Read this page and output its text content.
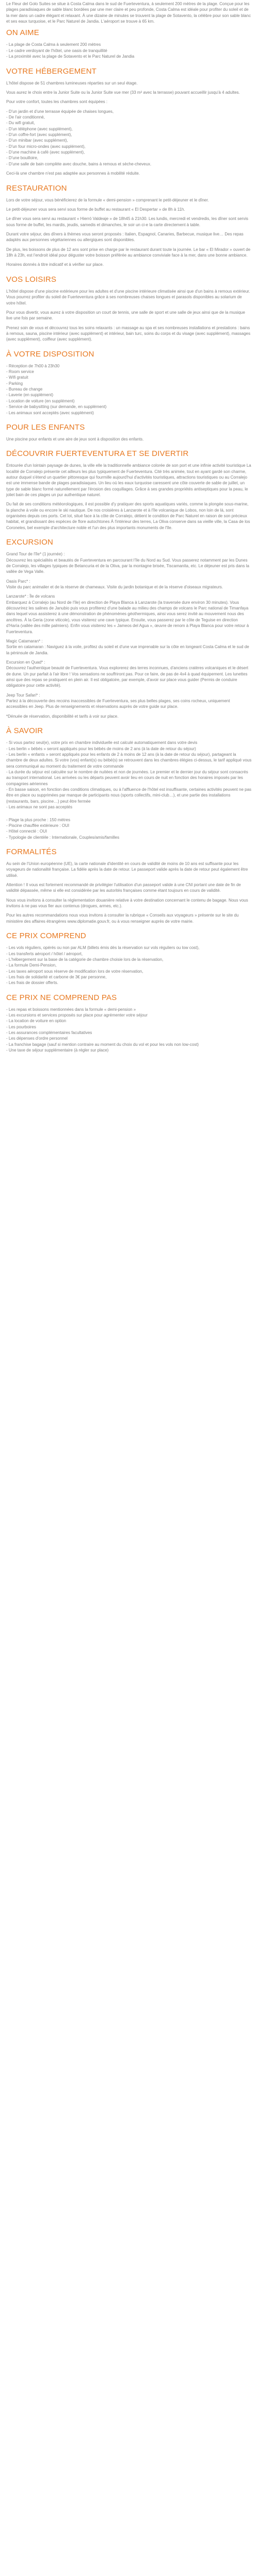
Le Fleur del Golo Suites se situe à Costa Calma dans le sud de Fuerteventura, à seulement 200 mètres de la plage. Conçue pour les plages paradisiaques de sable blanc bordées par une mer claire et peu profonde, Costa Calma est idéale pour profiter du soleil et de la mer dans un cadre élégant et relaxant. À une dizaine de minutes se trouvent la plage de Sotavento, la célèbre pour son sable blanc et ses eaux turquoise, et le Parc Naturel de Jandia. L'aéroport se trouve à 65 km.

ON AIME
- La plage de Costa Calma à seulement 200 mètres
- Le cadre verdoyant de l'hôtel, une oasis de tranquillité
- La proximité avec la plage de Sotavento et le Parc Naturel de Jandia
VOTRE HÉBERGEMENT

L'hôtel dispose de 51 chambres lumineuses réparties sur un seul étage.

Vous aurez le choix entre la Junior Suite ou la Junior Suite vue mer (33 m² avec la terrasse) pouvant accueillir jusqu'à 4 adultes.

Pour votre confort, toutes les chambres sont équipées :

- D'un jardin et d'une terrasse équipée de chaises longues,
- De l'air conditionné,
- Du wifi gratuit,
- D'un téléphone (avec supplément),
- D'un coffre-fort (avec supplément),
- D'un minibar (avec supplément),
- D'un four micro-ondes (avec supplément),
- D'une machine à café (avec supplément),
- D'une bouilloire,
- D'une salle de bain complète avec douche, bains à remous et sèche-cheveux.

Ceci-là une chambre n'est pas adaptée aux personnes à mobilité réduite.

RESTAURATION

Lors de votre séjour, vous bénéficierez de la formule « demi-pension » comprenant le petit-déjeuner et le dîner.

Le petit-déjeuner vous sera servi sous forme de buffet au restaurant « El Despertar » de 8h à 11h.

Le dîner vous sera servi au restaurant « Hierró Valdeaje » de 18h45 à 21h30. Les lundis, mercredi et vendredis, les dîner sont servis sous forme de buffet, les mardis, jeudis, samedis et dimanches, le soir un ci-e la carte directement à table.

Durant votre séjour, des dîners à thèmes vous seront proposés : Italien, Espagnol, Canaries, Barbecue, musique live… Des repas adaptés aux personnes végétariennes ou allergiques sont disponibles.

De plus, les boissons de plus de 12 ans sont prise en charge par le restaurant durant toute la journée. Le bar « El Mirador » ouvert de 18h à 23h, est l'endroit idéal pour déguster votre boisson préférée au ambiance conviviale face à la mer, dans une bonne ambiance.

Horaires donnés à titre indicatif et à vérifier sur place.

VOS LOISIRS

L'hôtel dispose d'une piscine extérieure pour les adultes et d'une piscine intérieure climatisée ainsi que d'un bains à remous extérieur. Vous pourrez profiter du soleil de Fuerteventura grâce à ses nombreuses chaises longues et parasols disponibles au solarium de votre hôtel.

Pour vous divertir, vous aurez à votre disposition un court de tennis, une salle de sport et une salle de jeux ainsi que de la musique live une fois par semaine.

Prenez soin de vous et découvrez tous les soins relaxants : un massage au spa et ses nombreuses installations et prestations : bains à remous, sauna, piscine intérieur (avec supplément) et intérieur, bain turc, soins du corps et du visage (avec supplément), massages (avec supplément), coiffeur (avec supplément).

À VOTRE DISPOSITION
- Réception de 7h00 à 23h30
- Room service
- Wifi gratuit
- Parking
- Bureau de change
- Laverie (en supplément)
- Location de voiture (en supplément)
- Service de babysitting (sur demande, en supplément)
- Les animaux sont acceptés (avec supplément)
POUR LES ENFANTS

Une piscine pour enfants et une aire de jeux sont à disposition des enfants.

DÉCOUVRIR FUERTEVENTURA ET SE DIVERTIR

Entourée d'un lointain paysage de dunes, la ville elle la traditionnelle ambiance colorée de son port et une infinie activité touristique La localité de Corralejo présente cet ailleurs les plus typiquement de Fuerteventura. Cité très animée, tout en ayant gardé son charme, autour duquel s'étend un quartier pittoresque qui fourmille aujourd'hui d'activités touristiques, attractions touristiques ou au Corralejo est une immense bande de plages paradisiaques. Un lieu où les eaux turquoise caressent une côte couverte de sable de juillet, un type de sable blanc formé naturellement par l'érosion des coquillages. Grâce à ses grandes propriétés antiseptiques pour la peau, le joliet bain de ces plages un pur authentique naturel.

Du fait de ses conditions météorologiques, il est possible d'y pratiquer des sports aquatiques variés, comme la plongée sous-marine, la planche à voile ou encore le ski nautique. De nos croisières à Lanzarote et à l'île volcanique de Lobos, non loin de là, sont organisées depuis ces ports. Cet lot, situé face à la côte de Corralejo, détient le condition de Parc Naturel en raison de son précieux habitat, et grandissant des espèces de flore autochtones À l'intérieur des terres, La Oliva conserve dans sa vieille ville, la Casa de los Coroneles, bel exemple d'architecture noble et l'un des plus importants monuments de l'île.

EXCURSION

Grand Tour de l'île* (1 journée) :
Découvrez les spécialités et beautés de Fuerteventura en parcourant l'île du Nord au Sud. Vous passerez notamment par les Dunes de Corralejo, les villages typiques de Betancuria et de la Oliva, par la montagne brisée, Tiscamanita, etc. Le déjeuner est pris dans la vallée de Vega Valle.

Oasis Parc* :
Visite du parc animalier et de la réserve de chameaux. Visite du jardin botanique et de la réserve d'oiseaux migrateurs.

Lanzarote* : Île de volcans
Embarquez à Corralejo (au Nord de l'île) en direction de Playa Blanca à Lanzarote (la traversée dure environ 30 minutes). Vous découvrirez les salines de Janubio puis vous profiterez d'une balade au milieu des champs de volcans le Parc national de Timanfaya dans lequel vous assisterez à une démonstration de phénomènes géothermiques, ainsi vous serez invité au mouvement nous des ancêtres. À la Geria (zone viticole), vous visiterez une cave typique. Ensuite, vous passerez par le côte de Teguise en direction d'Haría (vallée des mille palmiers). Enfin vous visiterez les « Jameos del Agua », œuvre de renom à Playa Blanca pour votre retour à Fuerteventura.

Magic Catamaran* :
Sortie en catamaran : Naviguez à la voile, profitez du soleil et d'une vue imprenable sur la côte en longeant Costa Calma et le sud de la péninsule de Jandia.

Excursion en Quad* :
Découvrez l'authentique beauté de Fuerteventura. Vous explorerez des terres inconnues, d'anciens cratères volcaniques et le désert de dune. Un pur parfait à l'air libre ! Vos sensations ne souffriront pas. Pour ce faire, de pas de 4x4 à quad équipement. Les lunettes ainsi que des repas se pratiquent en plein air. Il est obligatoire, par exemple, d'avoir sur place vous guider (Permis de conduire obligatoire pour cette activité).

Jeep Tour Safari* :
Partez à la découverte des recoins inaccessibles de Fuerteventura, ses plus belles plages, ses coins rocheux, uniquement accessibles en Jeep. Plus de renseignements et réservations auprès de votre guide sur place.

*Dénuée de réservation, disponibilité et tarifs à voir sur place.

À SAVOIR
- Si vous partez seul(e), votre prix en chambre individuelle est calculé automatiquement dans votre devis
- Les berlin « bébés » seront appliqués pour les bébés de moins de 2 ans (à la date de retour du séjour)
- Les berlin « enfants » seront appliqués pour les enfants de 2 à moins de 12 ans (à la date de retour du séjour), partageant la chambre de deux adultes. Si votre (vos) enfant(s) ou bébé(s) se retrouvent dans les chambres élégies ci-dessus, le tarif appliqué vous sera communiqué au moment du traitement de votre commande
- La durée du séjour est calculée sur le nombre de nuitées et non de journées. Le premier et le dernier jour du séjour sont consacrés au transport international. Les arrivées ou les départs peuvent avoir lieu en cours de nuit en fonction des horaires imposés par les compagnies aériennes
- En basse saison, en fonction des conditions climatiques, ou à l'affluence de l'hôtel est insuffisante, certaines activités peuvent ne pas être en place ou supprimées par manque de participants nous (sports collectifs, mini-club…), et une partie des installations (restaurants, bars, piscine…) peut être fermée
- Les animaux ne sont pas acceptés
- Plage la plus proche : 150 mètres
- Piscine chauffée extérieure : OUI
- Hôtel connecté : OUI
- Typologie de clientèle : Internationale, Couples/amis/familles
FORMALITÉS

Au sein de l'Union européenne (UE), la carte nationale d'identité en cours de validité de moins de 10 ans est suffisante pour les voyageurs de nationalité française. La fidèle après la date de retour. Le passeport valide après la date de retour peut également être utilisé.

Attention ! Il vous est fortement recommandé de privilégier l'utilisation d'un passeport valide à une CNI portant une date de fin de validité dépassée, même si elle est considérée par les autorités françaises comme étant toujours en cours de validité.

Nous vous invitons à consulter la réglementation douanière relative à votre destination concernant le contenu de bagage. Nous vous invitons à ne pas vous fier aux contenus (drogues, armes, etc.).

Pour les autres recommandations nous vous invitons à consulter la rubrique « Conseils aux voyageurs » présente sur le site du ministère des affaires étrangères www.diplomatie.gouv.fr, ou à vous renseigner auprès de votre mairie.

CE PRIX COMPREND
- Les vols réguliers, opérés ou non par ALM (billets émis dès la réservation sur vols réguliers ou low cost),
- Les transferts aéroport / hôtel / aéroport,
- L'hébergement sur la base de la catégorie de chambre choisie lors de la réservation,
- La formule Demi-Pension,
- Les taxes aéroport sous réserve de modification lors de votre réservation,
- Les frais de solidarité et carbone de 3€ par personne,
- Les frais de dossier offerts.
CE PRIX NE COMPREND PAS
- Les repas et boissons mentionnées dans la formule « demi-pension »
- Les excursions et services proposés sur place pour agrémenter votre séjour
- La location de voiture en option
- Les pourboires
- Les assurances complémentaires facultatives
- Les dépenses d'ordre personnel
- La franchise bagage (sauf si mention contraire au moment du choix du vol et pour les vols non low-cost)
- Une taxe de séjour supplémentaire (à régler sur place)
